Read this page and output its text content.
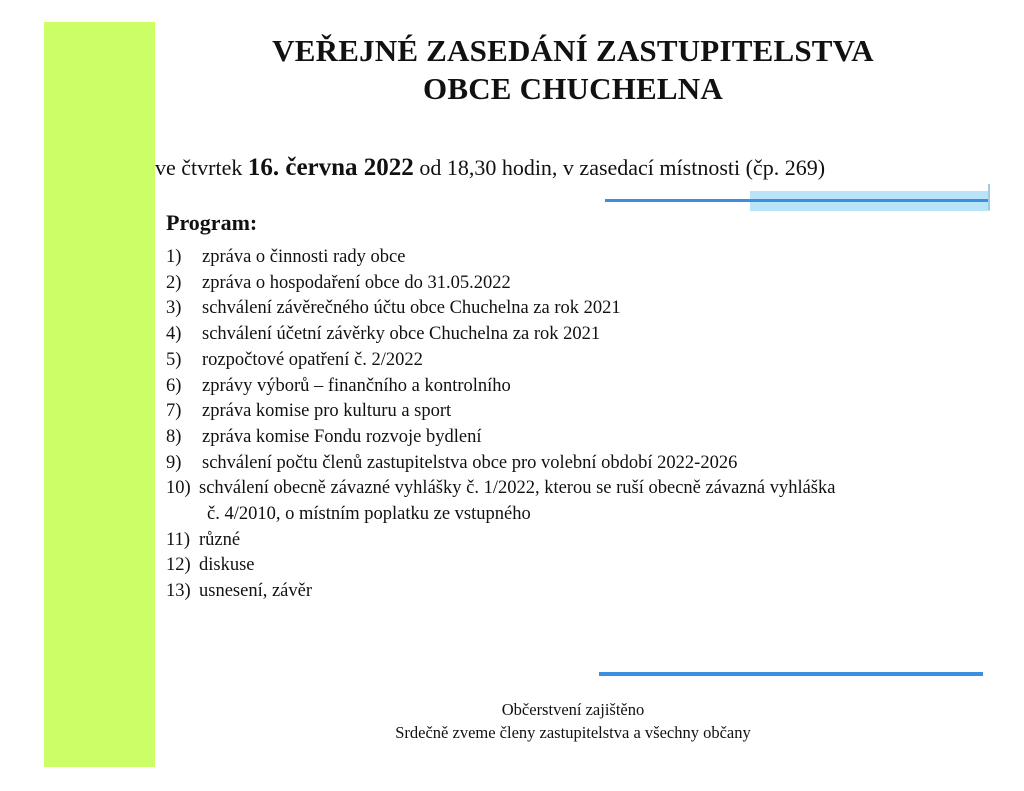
VEŘEJNÉ ZASEDÁNÍ ZASTUPITELSTVA
OBCE CHUCHELNA
ve čtvrtek 16. června 2022 od 18,30 hodin, v zasedací místnosti (čp. 269)
Program:
1)	zpráva o činnosti rady obce
2)	zpráva o hospodaření obce do 31.05.2022
3)	schválení závěrečného účtu obce Chuchelna za rok 2021
4)	schválení účetní závěrky obce Chuchelna za rok 2021
5)	rozpočtové opatření č. 2/2022
6)	zprávy výborů – finančního a kontrolního
7)	zpráva komise pro kulturu a sport
8)	zpráva komise Fondu rozvoje bydlení
9)	schválení počtu členů zastupitelstva obce pro volební období 2022-2026
10) schválení obecně závazné vyhlášky č. 1/2022, kterou se ruší obecně závazná vyhláška
č. 4/2010, o místním poplatku ze vstupného
11) různé
12) diskuse
13) usnesení, závěr
Občerstvení zajištěno
Srdečně zveme členy zastupitelstva a všechny občany
